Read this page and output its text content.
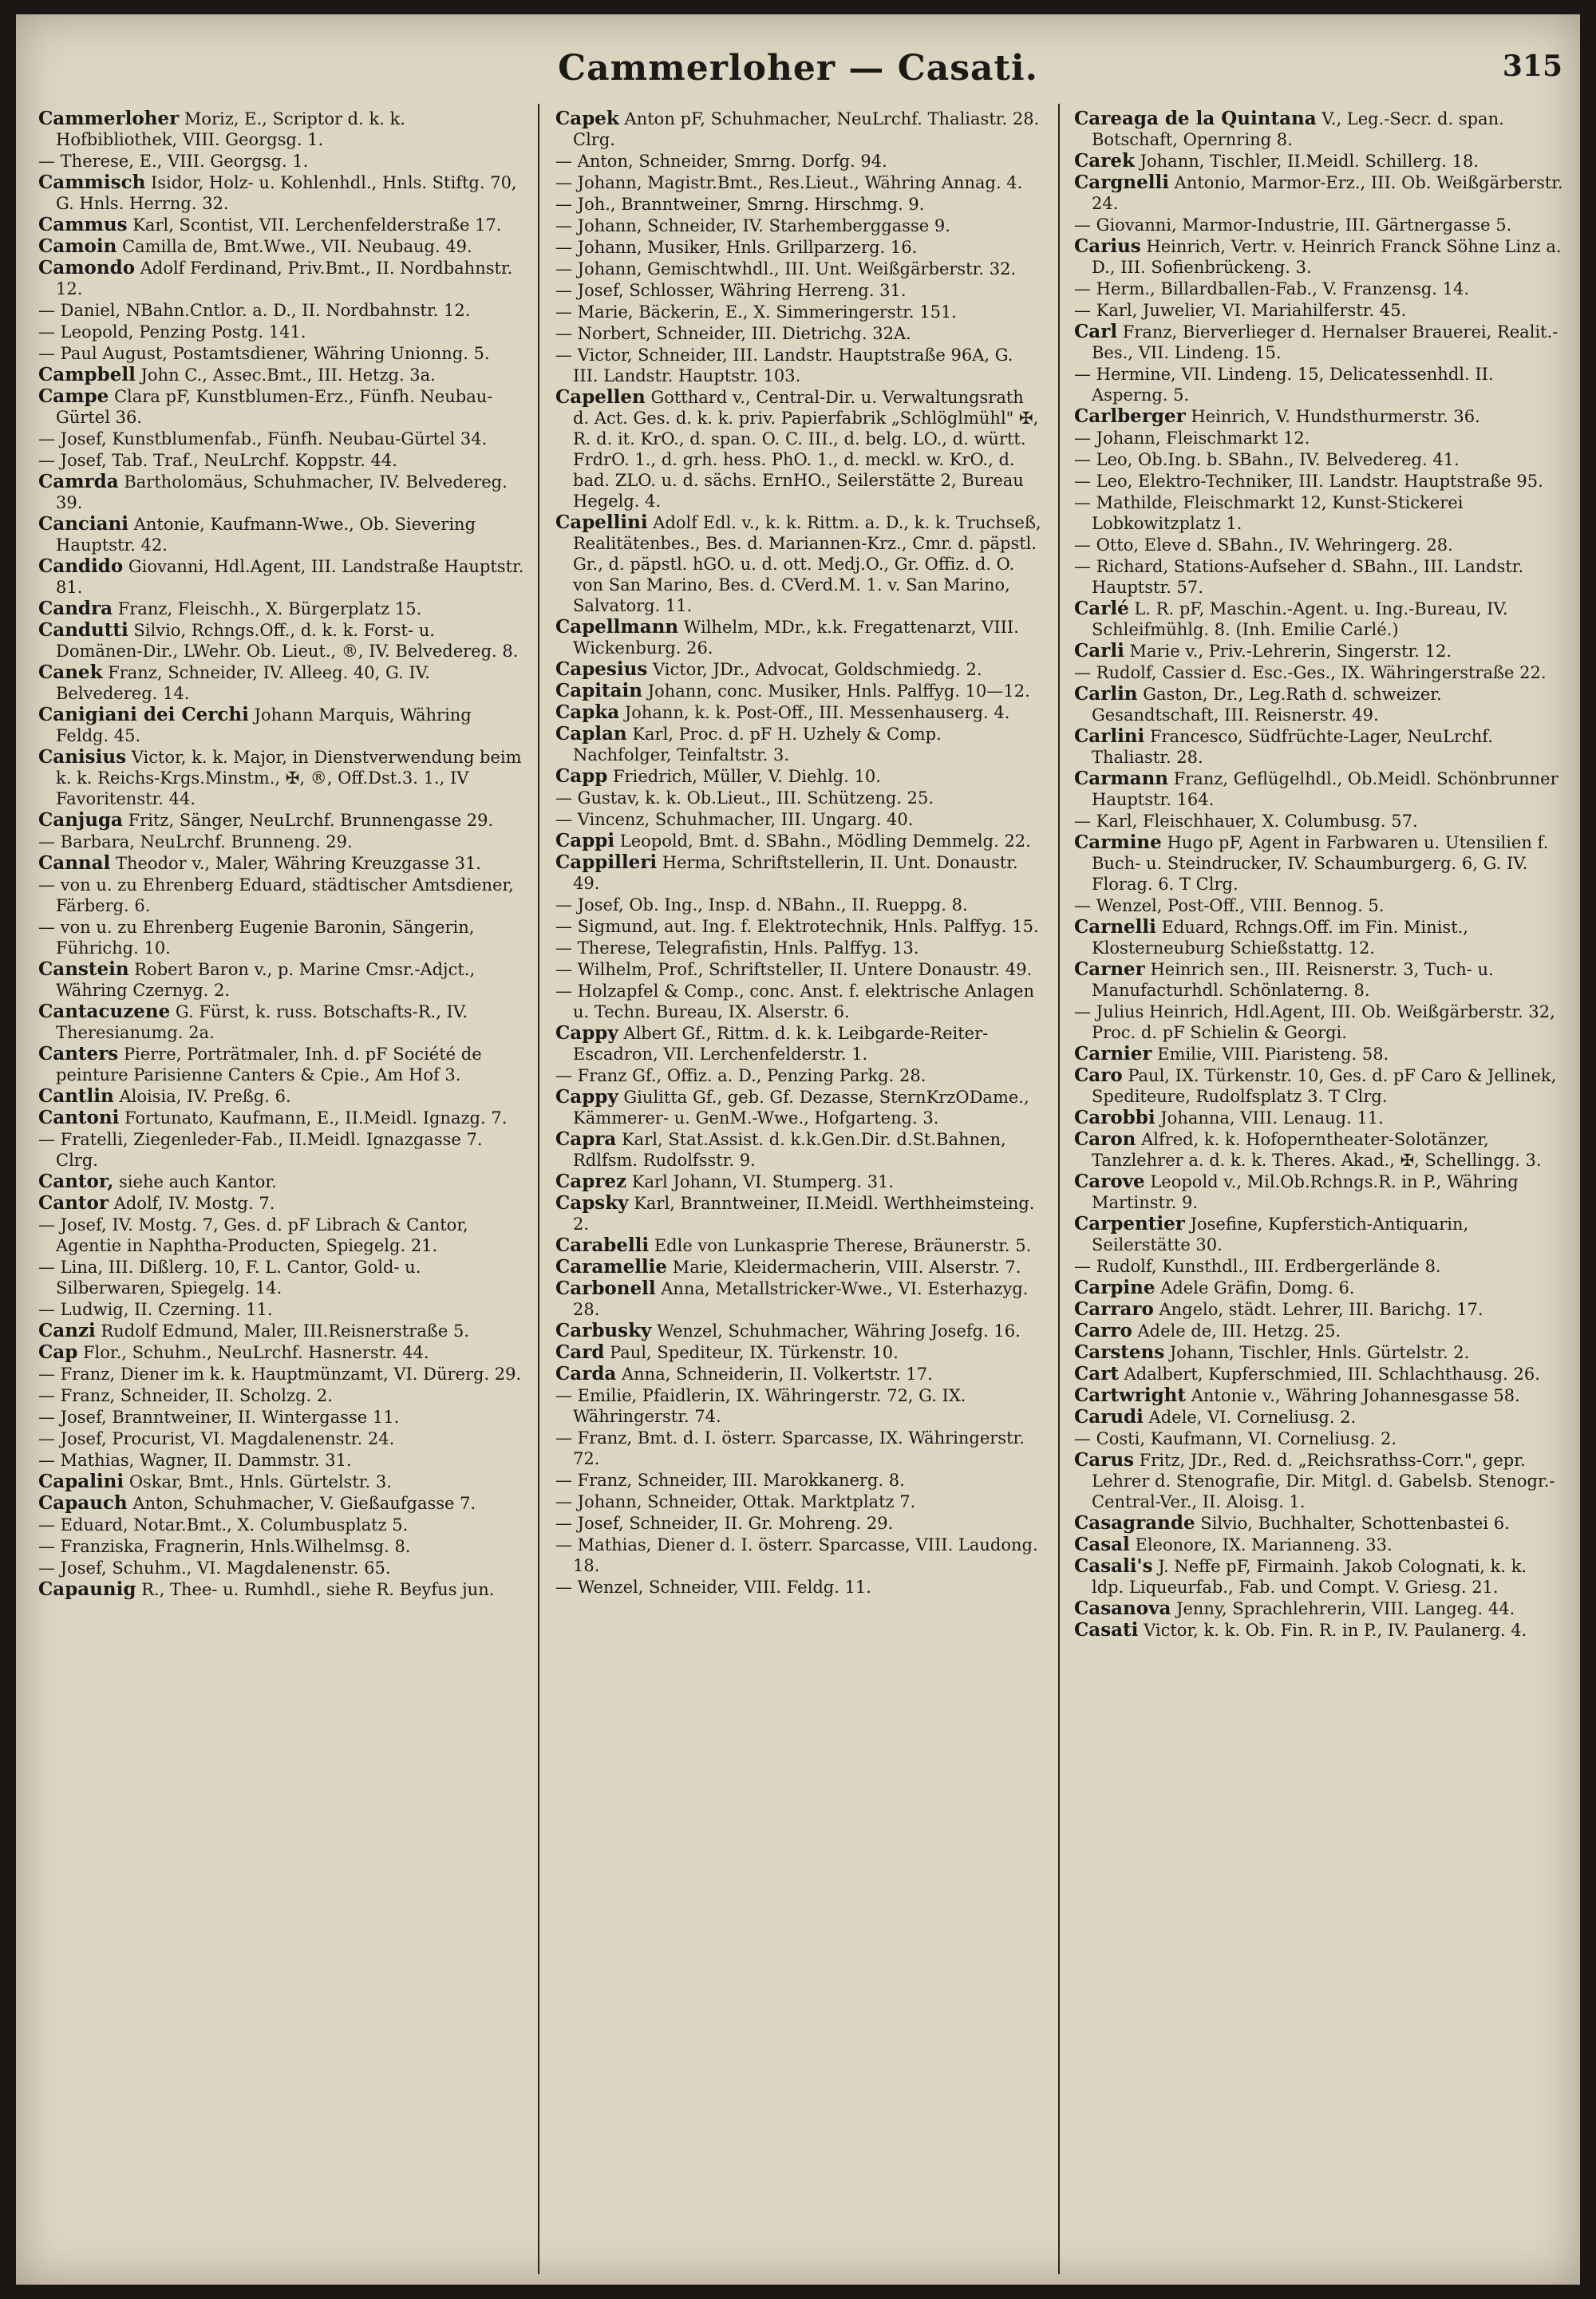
Cammerloher — Casati.	315

Cammerloher Moriz, E., Scriptor d. k. k. Hofbibliothek, VIII. Georgsg. 1.

— Therese, E., VIII. Georgsg. 1.

Cammisch Isidor, Holz- u. Kohlenhdl., Hnls. Stiftg. 70, G. Hnls. Herrng. 32.

Cammus Karl, Scontist, VII. Lerchenfelderstraße 17.

Camoin Camilla de, Bmt.Wwe., VII. Neubaug. 49.

Camondo Adolf Ferdinand, Priv.Bmt., II. Nordbahnstr. 12.

— Daniel, NBahn.Cntlor. a. D., II. Nordbahnstr. 12.

— Leopold, Penzing Postg. 141.

— Paul August, Postamtsdiener, Währing Unionng. 5.

Campbell John C., Assec.Bmt., III. Hetzg. 3a.

Campe Clara pF, Kunstblumen-Erz., Fünfh. Neubau-Gürtel 36.

— Josef, Kunstblumenfab., Fünfh. Neubau-Gürtel 34.

— Josef, Tab. Traf., NeuLrchf. Koppstr. 44.

Camrda Bartholomäus, Schuhmacher, IV. Belvedereg. 39.

Canciani Antonie, Kaufmann-Wwe., Ob. Sievering Hauptstr. 42.

Candido Giovanni, Hdl.Agent, III. Landstraße Hauptstr. 81.

Candra Franz, Fleischh., X. Bürgerplatz 15.

Candutti Silvio, Rchngs.Off., d. k. k. Forst- u. Domänen-Dir., LWehr. Ob. Lieut., ®, IV. Belvedereg. 8.

Canek Franz, Schneider, IV. Alleeg. 40, G. IV. Belvedereg. 14.

Canigiani dei Cerchi Johann Marquis, Währing Feldg. 45.

Canisius Victor, k. k. Major, in Dienstverwendung beim k. k. Reichs-Krgs.Minstm., ✠, ®, Off.Dst.3. 1., IV Favoritenstr. 44.

Canjuga Fritz, Sänger, NeuLrchf. Brunnengasse 29.

— Barbara, NeuLrchf. Brunneng. 29.

Cannal Theodor v., Maler, Währing Kreuzgasse 31.

— von u. zu Ehrenberg Eduard, städtischer Amtsdiener, Färberg. 6.

— von u. zu Ehrenberg Eugenie Baronin, Sängerin, Führichg. 10.

Canstein Robert Baron v., p. Marine Cmsr.-Adjct., Währing Czernyg. 2.

Cantacuzene G. Fürst, k. russ. Botschafts-R., IV. Theresianumg. 2a.

Canters Pierre, Porträtmaler, Inh. d. pF Société de peinture Parisienne Canters & Cpie., Am Hof 3.

Cantlin Aloisia, IV. Preßg. 6.

Cantoni Fortunato, Kaufmann, E., II.Meidl. Ignazg. 7.

— Fratelli, Ziegenleder-Fab., II.Meidl. Ignazgasse 7. Clrg.

Cantor, siehe auch Kantor.

Cantor Adolf, IV. Mostg. 7.

— Josef, IV. Mostg. 7, Ges. d. pF Librach & Cantor, Agentie in Naphtha-Producten, Spiegelg. 21.

— Lina, III. Dißlerg. 10, F. L. Cantor, Gold- u. Silberwaren, Spiegelg. 14.

— Ludwig, II. Czerning. 11.

Canzi Rudolf Edmund, Maler, III.Reisnerstraße 5.

Cap Flor., Schuhm., NeuLrchf. Hasnerstr. 44.

— Franz, Diener im k. k. Hauptmünzamt, VI. Dürerg. 29.

— Franz, Schneider, II. Scholzg. 2.

— Josef, Branntweiner, II. Wintergasse 11.

— Josef, Procurist, VI. Magdalenenstr. 24.

— Mathias, Wagner, II. Dammstr. 31.

Capalini Oskar, Bmt., Hnls. Gürtelstr. 3.

Capauch Anton, Schuhmacher, V. Gießaufgasse 7.

— Eduard, Notar.Bmt., X. Columbusplatz 5.

— Franziska, Fragnerin, Hnls.Wilhelmsg. 8.

— Josef, Schuhm., VI. Magdalenenstr. 65.

Capaunig R., Thee- u. Rumhdl., siehe R. Beyfus jun.

Capek Anton pF, Schuhmacher, NeuLrchf. Thaliastr. 28. Clrg.

— Anton, Schneider, Smrng. Dorfg. 94.

— Johann, Magistr.Bmt., Res.Lieut., Währing Annag. 4.

— Joh., Branntweiner, Smrng. Hirschmg. 9.

— Johann, Schneider, IV. Starhemberggasse 9.

— Johann, Musiker, Hnls. Grillparzerg. 16.

— Johann, Gemischtwhdl., III. Unt. Weißgärberstr. 32.

— Josef, Schlosser, Währing Herreng. 31.

— Marie, Bäckerin, E., X. Simmeringerstr. 151.

— Norbert, Schneider, III. Dietrichg. 32A.

— Victor, Schneider, III. Landstr. Hauptstraße 96A, G. III. Landstr. Hauptstr. 103.

Capellen Gotthard v., Central-Dir. u. Verwaltungsrath d. Act. Ges. d. k. k. priv. Papierfabrik „Schlöglmühl" ✠, R. d. it. KrO., d. span. O. C. III., d. belg. LO., d. württ. FrdrO. 1., d. grh. hess. PhO. 1., d. meckl. w. KrO., d. bad. ZLO. u. d. sächs. ErnHO., Seilerstätte 2, Bureau Hegelg. 4.

Capellini Adolf Edl. v., k. k. Rittm. a. D., k. k. Truchseß, Realitätenbes., Bes. d. Mariannen-Krz., Cmr. d. päpstl. Gr., d. päpstl. hGO. u. d. ott. Medj.O., Gr. Offiz. d. O. von San Marino, Bes. d. CVerd.M. 1. v. San Marino, Salvatorg. 11.

Capellmann Wilhelm, MDr., k.k. Fregattenarzt, VIII. Wickenburg. 26.

Capesius Victor, JDr., Advocat, Goldschmiedg. 2.

Capitain Johann, conc. Musiker, Hnls. Palffyg. 10—12.

Capka Johann, k. k. Post-Off., III. Messenhauserg. 4.

Caplan Karl, Proc. d. pF H. Uzhely & Comp. Nachfolger, Teinfaltstr. 3.

Capp Friedrich, Müller, V. Diehlg. 10.

— Gustav, k. k. Ob.Lieut., III. Schützeng. 25.

— Vincenz, Schuhmacher, III. Ungarg. 40.

Cappi Leopold, Bmt. d. SBahn., Mödling Demmelg. 22.

Cappilleri Herma, Schriftstellerin, II. Unt. Donaustr. 49.

— Josef, Ob. Ing., Insp. d. NBahn., II. Rueppg. 8.

— Sigmund, aut. Ing. f. Elektrotechnik, Hnls. Palffyg. 15.

— Therese, Telegrafistin, Hnls. Palffyg. 13.

— Wilhelm, Prof., Schriftsteller, II. Untere Donaustr. 49.

— Holzapfel & Comp., conc. Anst. f. elektrische Anlagen u. Techn. Bureau, IX. Alserstr. 6.

Cappy Albert Gf., Rittm. d. k. k. Leibgarde-Reiter-Escadron, VII. Lerchenfelderstr. 1.

— Franz Gf., Offiz. a. D., Penzing Parkg. 28.

Cappy Giulitta Gf., geb. Gf. Dezasse, SternKrzODame., Kämmerer- u. GenM.-Wwe., Hofgarteng. 3.

Capra Karl, Stat.Assist. d. k.k.Gen.Dir. d.St.Bahnen, Rdlfsm. Rudolfsstr. 9.

Caprez Karl Johann, VI. Stumperg. 31.

Capsky Karl, Branntweiner, II.Meidl. Werthheimsteing. 2.

Carabelli Edle von Lunkasprie Therese, Bräunerstr. 5.

Caramellie Marie, Kleidermacherin, VIII. Alserstr. 7.

Carbonell Anna, Metallstricker-Wwe., VI. Esterhazyg. 28.

Carbusky Wenzel, Schuhmacher, Währing Josefg. 16.

Card Paul, Spediteur, IX. Türkenstr. 10.

Carda Anna, Schneiderin, II. Volkertstr. 17.

— Emilie, Pfaidlerin, IX. Währingerstr. 72, G. IX. Währingerstr. 74.

— Franz, Bmt. d. I. österr. Sparcasse, IX. Währingerstr. 72.

— Franz, Schneider, III. Marokkanerg. 8.

— Johann, Schneider, Ottak. Marktplatz 7.

— Josef, Schneider, II. Gr. Mohreng. 29.

— Mathias, Diener d. I. österr. Sparcasse, VIII. Laudong. 18.

— Wenzel, Schneider, VIII. Feldg. 11.

Careaga de la Quintana V., Leg.-Secr. d. span. Botschaft, Opernring 8.

Carek Johann, Tischler, II.Meidl. Schillerg. 18.

Cargnelli Antonio, Marmor-Erz., III. Ob. Weißgärberstr. 24.

— Giovanni, Marmor-Industrie, III. Gärtnergasse 5.

Carius Heinrich, Vertr. v. Heinrich Franck Söhne Linz a. D., III. Sofienbrückeng. 3.

— Herm., Billardballen-Fab., V. Franzensg. 14.

— Karl, Juwelier, VI. Mariahilferstr. 45.

Carl Franz, Bierverlieger d. Hernalser Brauerei, Realit.-Bes., VII. Lindeng. 15.

— Hermine, VII. Lindeng. 15, Delicatessenhdl. II. Asperng. 5.

Carlberger Heinrich, V. Hundsthurmerstr. 36.

— Johann, Fleischmarkt 12.

— Leo, Ob.Ing. b. SBahn., IV. Belvedereg. 41.

— Leo, Elektro-Techniker, III. Landstr. Hauptstraße 95.

— Mathilde, Fleischmarkt 12, Kunst-Stickerei Lobkowitzplatz 1.

— Otto, Eleve d. SBahn., IV. Wehringerg. 28.

— Richard, Stations-Aufseher d. SBahn., III. Landstr. Hauptstr. 57.

Carlé L. R. pF, Maschin.-Agent. u. Ing.-Bureau, IV. Schleifmühlg. 8. (Inh. Emilie Carlé.)

Carli Marie v., Priv.-Lehrerin, Singerstr. 12.

— Rudolf, Cassier d. Esc.-Ges., IX. Währingerstraße 22.

Carlin Gaston, Dr., Leg.Rath d. schweizer. Gesandtschaft, III. Reisnerstr. 49.

Carlini Francesco, Südfrüchte-Lager, NeuLrchf. Thaliastr. 28.

Carmann Franz, Geflügelhdl., Ob.Meidl. Schönbrunner Hauptstr. 164.

— Karl, Fleischhauer, X. Columbusg. 57.

Carmine Hugo pF, Agent in Farbwaren u. Utensilien f. Buch- u. Steindrucker, IV. Schaumburgerg. 6, G. IV. Florag. 6. T Clrg.

— Wenzel, Post-Off., VIII. Bennog. 5.

Carnelli Eduard, Rchngs.Off. im Fin. Minist., Klosterneuburg Schießstattg. 12.

Carner Heinrich sen., III. Reisnerstr. 3, Tuch- u. Manufacturhdl. Schönlaterng. 8.

— Julius Heinrich, Hdl.Agent, III. Ob. Weißgärberstr. 32, Proc. d. pF Schielin & Georgi.

Carnier Emilie, VIII. Piaristeng. 58.

Caro Paul, IX. Türkenstr. 10, Ges. d. pF Caro & Jellinek, Spediteure, Rudolfsplatz 3. T Clrg.

Carobbi Johanna, VIII. Lenaug. 11.

Caron Alfred, k. k. Hofoperntheater-Solotänzer, Tanzlehrer a. d. k. k. Theres. Akad., ✠, Schellingg. 3.

Carove Leopold v., Mil.Ob.Rchngs.R. in P., Währing Martinstr. 9.

Carpentier Josefine, Kupferstich-Antiquarin, Seilerstätte 30.

— Rudolf, Kunsthdl., III. Erdbergerlände 8.

Carpine Adele Gräfin, Domg. 6.

Carraro Angelo, städt. Lehrer, III. Barichg. 17.

Carro Adele de, III. Hetzg. 25.

Carstens Johann, Tischler, Hnls. Gürtelstr. 2.

Cart Adalbert, Kupferschmied, III. Schlachthausg. 26.

Cartwright Antonie v., Währing Johannesgasse 58.

Carudi Adele, VI. Corneliusg. 2.

— Costi, Kaufmann, VI. Corneliusg. 2.

Carus Fritz, JDr., Red. d. „Reichsrathss-Corr.", gepr. Lehrer d. Stenografie, Dir. Mitgl. d. Gabelsb. Stenogr.-Central-Ver., II. Aloisg. 1.

Casagrande Silvio, Buchhalter, Schottenbastei 6.

Casal Eleonore, IX. Marianneng. 33.

Casali's J. Neffe pF, Firmainh. Jakob Colognati, k. k. ldp. Liqueurfab., Fab. und Compt. V. Griesg. 21.

Casanova Jenny, Sprachlehrerin, VIII. Langeg. 44.

Casati Victor, k. k. Ob. Fin. R. in P., IV. Paulanerg. 4.
